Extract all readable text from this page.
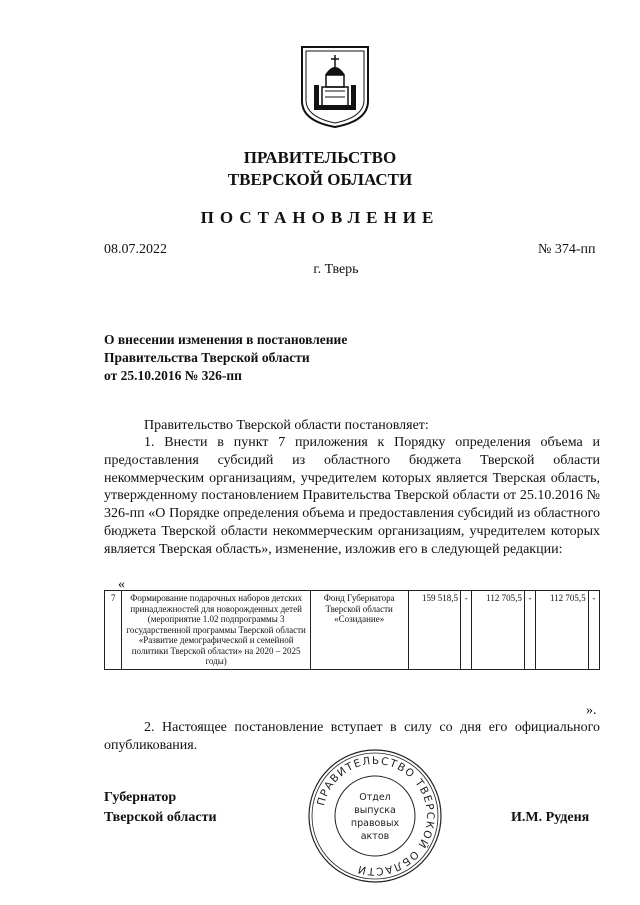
ПРАВИТЕЛЬСТВО
ТВЕРСКОЙ ОБЛАСТИ
ПОСТАНОВЛЕНИЕ
08.07.2022	№ 374-пп
г. Тверь
О внесении изменения в постановление
Правительства Тверской области
от 25.10.2016 № 326-пп
Правительство Тверской области постановляет:
1. Внести в пункт 7 приложения к Порядку определения объема и предоставления субсидий из областного бюджета Тверской области некоммерческим организациям, учредителем которых является Тверская область, утвержденному постановлением Правительства Тверской области от 25.10.2016 № 326-пп «О Порядке определения объема и предоставления субсидий из областного бюджета Тверской области некоммерческим организациям, учредителем которых является Тверская область», изменение, изложив его в следующей редакции:
«
7	Формирование подарочных наборов детских принадлежностей для новорожденных детей (мероприятие 1.02 подпрограммы 3 государственной программы Тверской области «Развитие демографической и семейной политики Тверской области» на 2020 – 2025 годы)	Фонд Губернатора Тверской области «Созидание»	159 518,5	-	112 705,5	-	112 705,5	-
».
2. Настоящее постановление вступает в силу со дня его официального опубликования.
Губернатор
Тверской области	И.М. Руденя
ПРАВИТЕЛЬСТВО ТВЕРСКОЙ ОБЛАСТИ
Отдел
выпуска
правовых
актов
